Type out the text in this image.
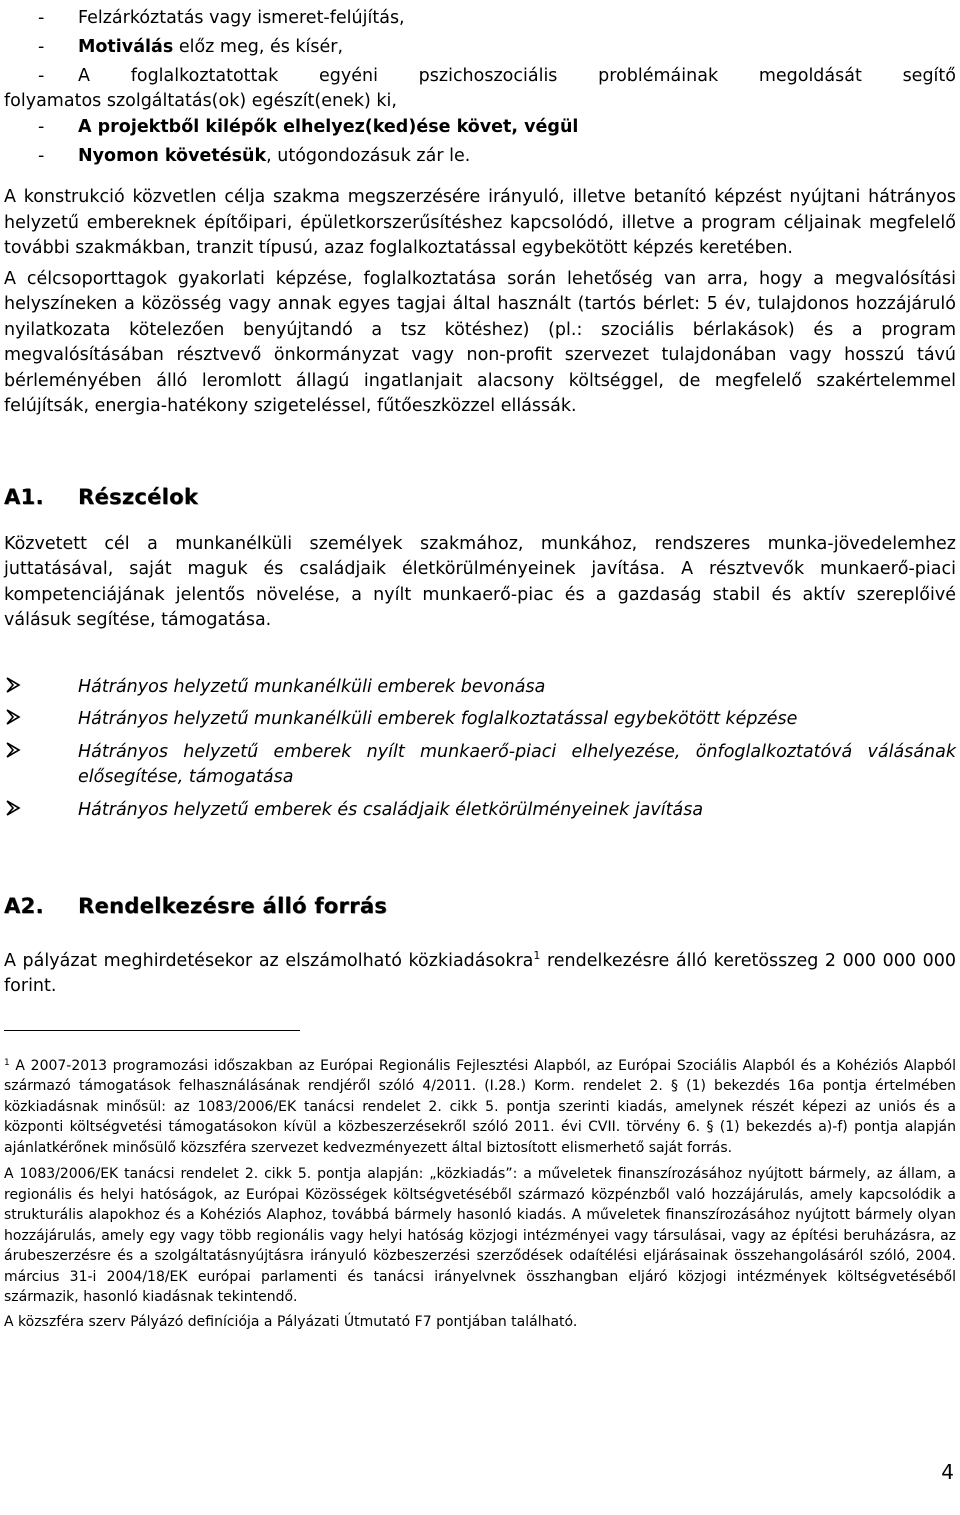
- Felzárkóztatás vagy ismeret-felújítás,
- Motiválás előz meg, és kísér,
- A foglalkoztatottak egyéni pszichoszociális problémáinak megoldását segítő
folyamatos szolgáltatás(ok) egészít(enek) ki,
- A projektből kilépők elhelyez(ked)ése követ, végül
- Nyomon követésük, utógondozásuk zár le.

A konstrukció közvetlen célja szakma megszerzésére irányuló, illetve betanító képzést nyújtani hátrányos helyzetű embereknek építőipari, épületkorszerűsítéshez kapcsolódó, illetve a program céljainak megfelelő további szakmákban, tranzit típusú, azaz foglalkoztatással egybekötött képzés keretében.

A célcsoporttagok gyakorlati képzése, foglalkoztatása során lehetőség van arra, hogy a megvalósítási helyszíneken a közösség vagy annak egyes tagjai által használt (tartós bérlet: 5 év, tulajdonos hozzájáruló nyilatkozata kötelezően benyújtandó a tsz kötéshez) (pl.: szociális bérlakások) és a program megvalósításában résztvevő önkormányzat vagy non-profit szervezet tulajdonában vagy hosszú távú bérleményében álló leromlott állagú ingatlanjait alacsony költséggel, de megfelelő szakértelemmel felújítsák, energia-hatékony szigeteléssel, fűtőeszközzel ellássák.

A1. Részcélok

Közvetett cél a munkanélküli személyek szakmához, munkához, rendszeres munka-jövedelemhez juttatásával, saját maguk és családjaik életkörülményeinek javítása. A résztvevők munkaerő-piaci kompetenciájának jelentős növelése, a nyílt munkaerő-piac és a gazdaság stabil és aktív szereplőivé válásuk segítése, támogatása.

Hátrányos helyzetű munkanélküli emberek bevonása
Hátrányos helyzetű munkanélküli emberek foglalkoztatással egybekötött képzése
Hátrányos helyzetű emberek nyílt munkaerő-piaci elhelyezése, önfoglalkoztatóvá válásának elősegítése, támogatása
Hátrányos helyzetű emberek és családjaik életkörülményeinek javítása
A2. Rendelkezésre álló forrás

A pályázat meghirdetésekor az elszámolható közkiadásokra$^1$ rendelkezésre álló keretösszeg 2 000 000 000 forint.

$^1$ A 2007-2013 programozási időszakban az Európai Regionális Fejlesztési Alapból, az Európai Szociális Alapból és a Kohéziós Alapból származó támogatások felhasználásának rendjéről szóló 4/2011. (I.28.) Korm. rendelet 2. § (1) bekezdés 16a pontja értelmében közkiadásnak minősül: az 1083/2006/EK tanácsi rendelet 2. cikk 5. pontja szerinti kiadás, amelynek részét képezi az uniós és a központi költségvetési támogatásokon kívül a közbeszerzésekről szóló 2011. évi CVII. törvény 6. § (1) bekezdés a)-f) pontja alapján ajánlatkérőnek minősülő közszféra szervezet kedvezményezett által biztosított elismerhető saját forrás.

A 1083/2006/EK tanácsi rendelet 2. cikk 5. pontja alapján: „közkiadás”: a műveletek finanszírozásához nyújtott bármely, az állam, a regionális és helyi hatóságok, az Európai Közösségek költségvetéséből származó közpénzből való hozzájárulás, amely kapcsolódik a strukturális alapokhoz és a Kohéziós Alaphoz, továbbá bármely hasonló kiadás. A műveletek finanszírozásához nyújtott bármely olyan hozzájárulás, amely egy vagy több regionális vagy helyi hatóság közjogi intézményei vagy társulásai, vagy az építési beruházásra, az árubeszerzésre és a szolgáltatásnyújtásra irányuló közbeszerzési szerződések odaítélési eljárásainak összehangolásáról szóló, 2004. március 31-i 2004/18/EK európai parlamenti és tanácsi irányelvnek összhangban eljáró közjogi intézmények költségvetéséből származik, hasonló kiadásnak tekintendő.

A közszféra szerv Pályázó definíciója a Pályázati Útmutató F7 pontjában található.

4
